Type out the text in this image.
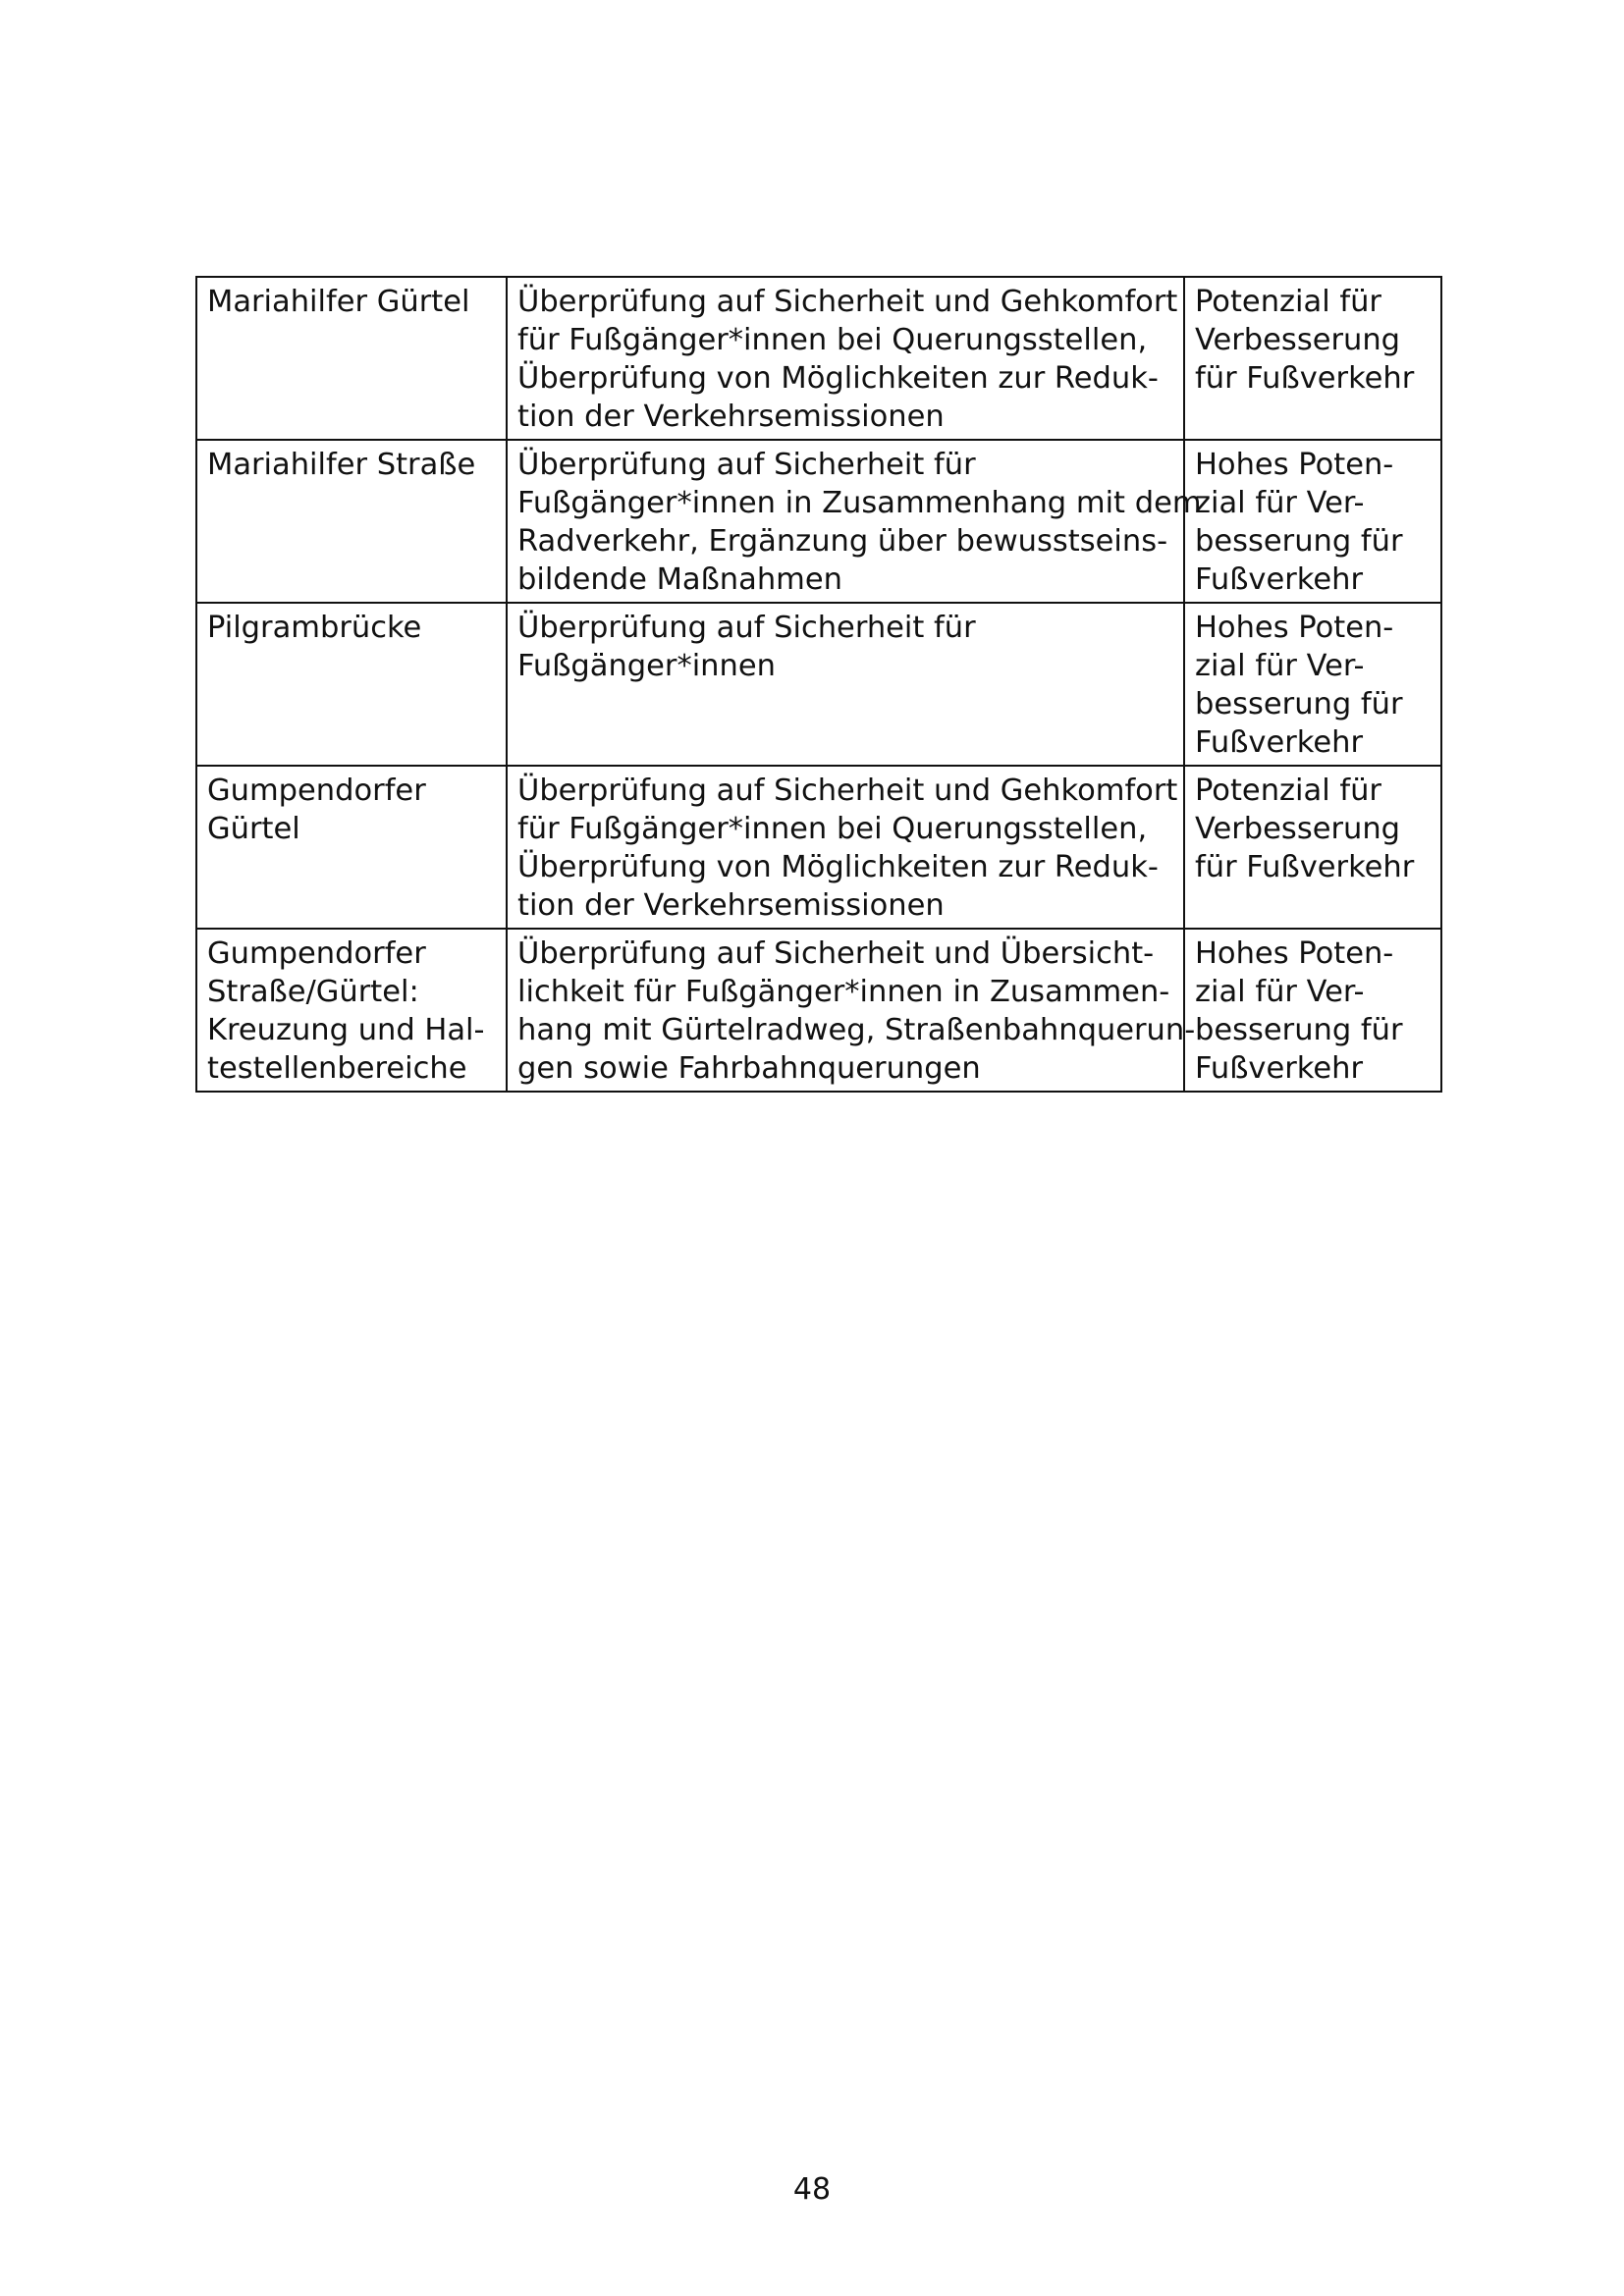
Mariahilfer Gürtel	Überprüfung auf Sicherheit und Gehkomfort
für Fußgänger*innen bei Querungsstellen,
Überprüfung von Möglichkeiten zur Reduk-
tion der Verkehrsemissionen	Potenzial für
Verbesserung
für Fußverkehr

Mariahilfer Straße	Überprüfung auf Sicherheit für
Fußgänger*innen in Zusammenhang mit dem
Radverkehr, Ergänzung über bewusstseins-
bildende Maßnahmen	Hohes Poten-
zial für Ver-
besserung für
Fußverkehr

Pilgrambrücke	Überprüfung auf Sicherheit für
Fußgänger*innen	Hohes Poten-
zial für Ver-
besserung für
Fußverkehr

Gumpendorfer
Gürtel	Überprüfung auf Sicherheit und Gehkomfort
für Fußgänger*innen bei Querungsstellen,
Überprüfung von Möglichkeiten zur Reduk-
tion der Verkehrsemissionen	Potenzial für
Verbesserung
für Fußverkehr

Gumpendorfer
Straße/Gürtel:
Kreuzung und Hal-
testellenbereiche	Überprüfung auf Sicherheit und Übersicht-
lichkeit für Fußgänger*innen in Zusammen-
hang mit Gürtelradweg, Straßenbahnquerun-
gen sowie Fahrbahnquerungen	Hohes Poten-
zial für Ver-
besserung für
Fußverkehr
48
